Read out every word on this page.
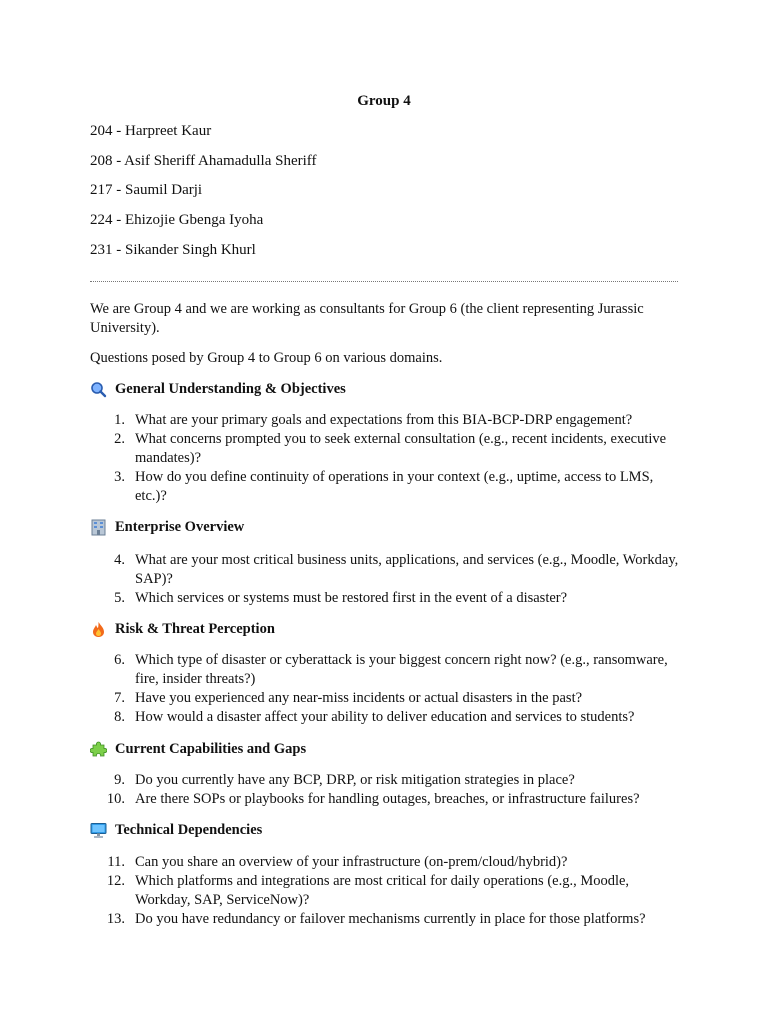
Group 4
204 - Harpreet Kaur
208 - Asif Sheriff Ahamadulla Sheriff
217 - Saumil Darji
224 - Ehizojie Gbenga Iyoha
231 - Sikander Singh Khurl
We are Group 4 and we are working as consultants for Group 6 (the client representing Jurassic University).
Questions posed by Group 4 to Group 6 on various domains.
General Understanding & Objectives
1. What are your primary goals and expectations from this BIA-BCP-DRP engagement?
2. What concerns prompted you to seek external consultation (e.g., recent incidents, executive mandates)?
3. How do you define continuity of operations in your context (e.g., uptime, access to LMS, etc.)?
Enterprise Overview
4. What are your most critical business units, applications, and services (e.g., Moodle, Workday, SAP)?
5. Which services or systems must be restored first in the event of a disaster?
Risk & Threat Perception
6. Which type of disaster or cyberattack is your biggest concern right now? (e.g., ransomware, fire, insider threats?)
7. Have you experienced any near-miss incidents or actual disasters in the past?
8. How would a disaster affect your ability to deliver education and services to students?
Current Capabilities and Gaps
9. Do you currently have any BCP, DRP, or risk mitigation strategies in place?
10. Are there SOPs or playbooks for handling outages, breaches, or infrastructure failures?
Technical Dependencies
11. Can you share an overview of your infrastructure (on-prem/cloud/hybrid)?
12. Which platforms and integrations are most critical for daily operations (e.g., Moodle, Workday, SAP, ServiceNow)?
13. Do you have redundancy or failover mechanisms currently in place for those platforms?
